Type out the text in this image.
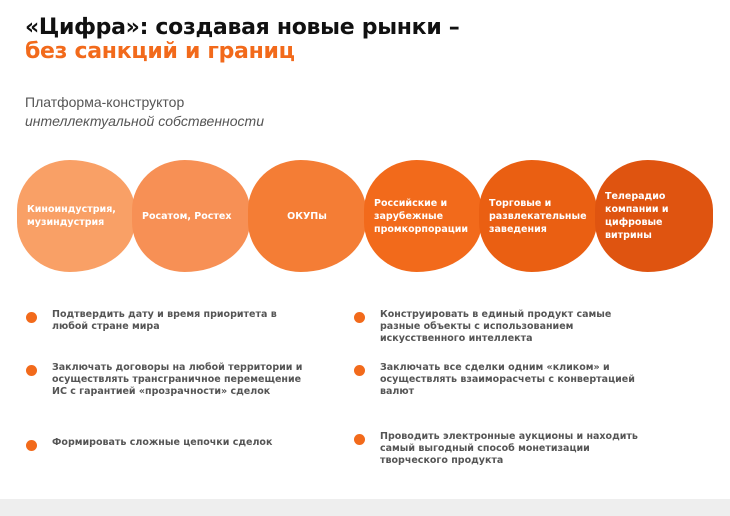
«Цифра»: создавая новые рынки –
без санкций и границ
Платформа-конструктор
интеллектуальной собственности
Киноиндустрия, музиндустрия
Росатом, Ростех	ОКУПы
Российские и зарубежные промкорпорации
Торговые и развлекательные заведения
Телерадио компании и цифровые витрины
Подтвердить дату и время приоритета в любой стране мира
Заключать договоры на любой территории и осуществлять трансграничное перемещение ИС с гарантией «прозрачности» сделок
Формировать сложные цепочки сделок
Конструировать в единый продукт самые разные объекты с использованием искусственного интеллекта
Заключать все сделки одним «кликом» и осуществлять взаиморасчеты с конвертацией валют
Проводить электронные аукционы и находить самый выгодный способ монетизации творческого продукта
